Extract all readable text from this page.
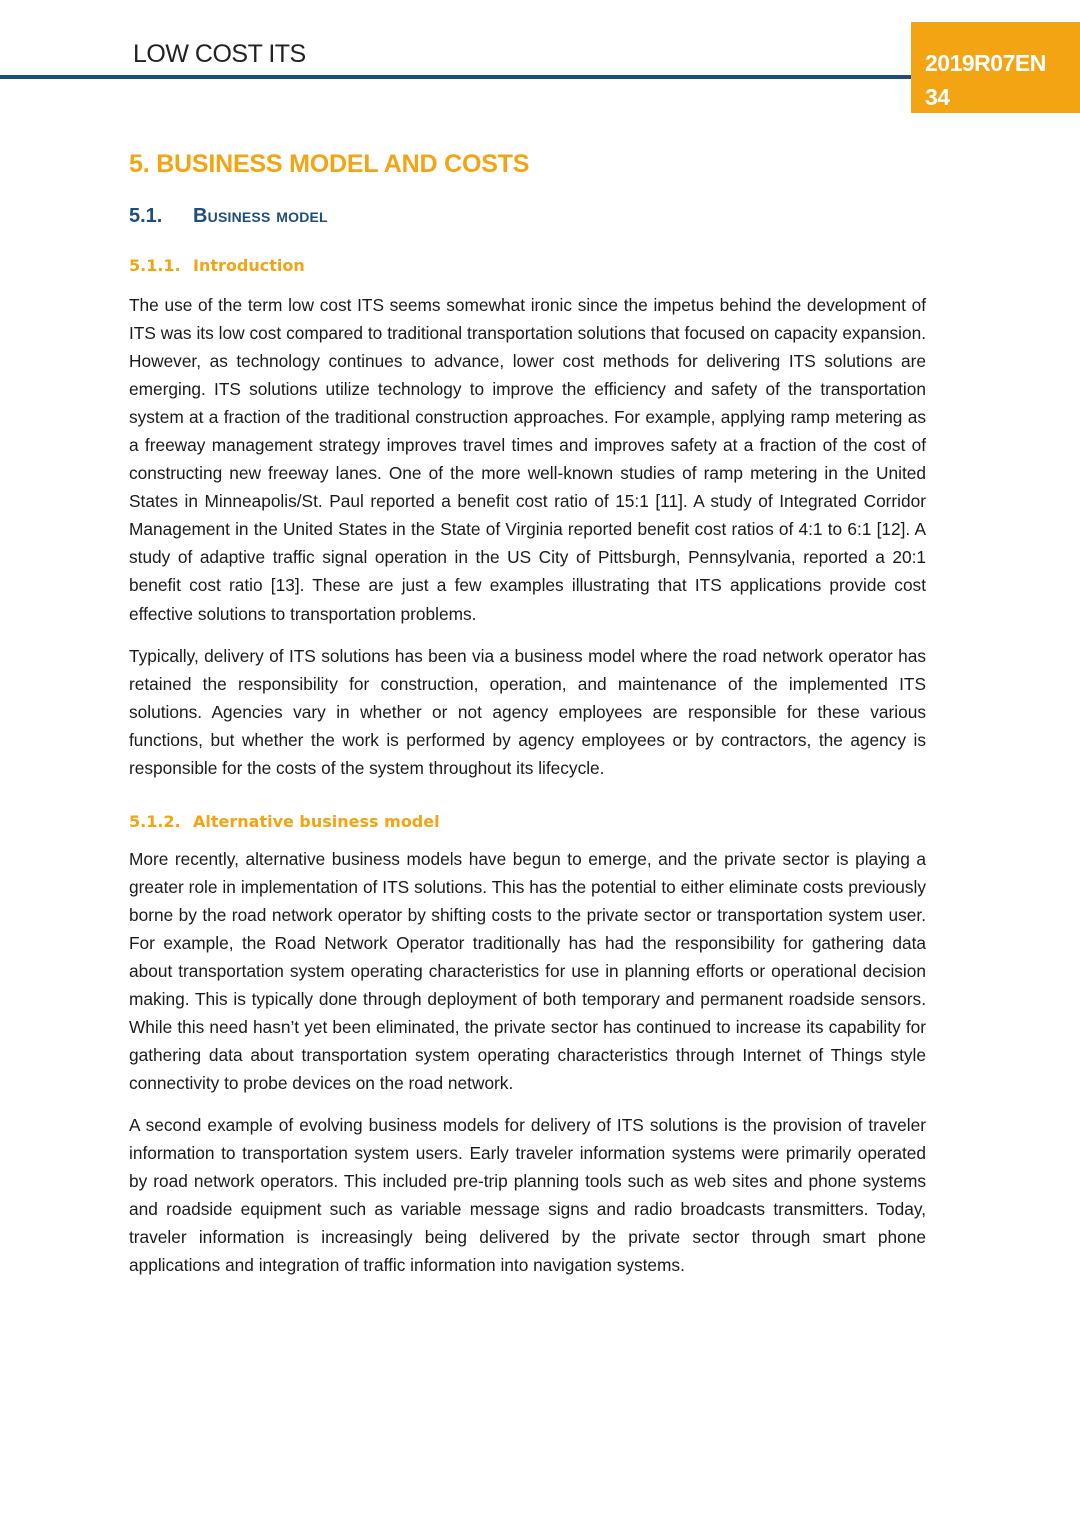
LOW COST ITS	2019R07EN
34
5. BUSINESS MODEL AND COSTS
5.1.	Business model
5.1.1. Introduction

The use of the term low cost ITS seems somewhat ironic since the impetus behind the development of ITS was its low cost compared to traditional transportation solutions that focused on capacity expansion. However, as technology continues to advance, lower cost methods for delivering ITS solutions are emerging. ITS solutions utilize technology to improve the efficiency and safety of the transportation system at a fraction of the traditional construction approaches. For example, applying ramp metering as a freeway management strategy improves travel times and improves safety at a fraction of the cost of constructing new freeway lanes. One of the more well-known studies of ramp metering in the United States in Minneapolis/St. Paul reported a benefit cost ratio of 15:1 [11]. A study of Integrated Corridor Management in the United States in the State of Virginia reported benefit cost ratios of 4:1 to 6:1 [12]. A study of adaptive traffic signal operation in the US City of Pittsburgh, Pennsylvania, reported a 20:1 benefit cost ratio [13]. These are just a few examples illustrating that ITS applications provide cost effective solutions to transportation problems.

Typically, delivery of ITS solutions has been via a business model where the road network operator has retained the responsibility for construction, operation, and maintenance of the implemented ITS solutions. Agencies vary in whether or not agency employees are responsible for these various functions, but whether the work is performed by agency employees or by contractors, the agency is responsible for the costs of the system throughout its lifecycle.

5.1.2. Alternative business model

More recently, alternative business models have begun to emerge, and the private sector is playing a greater role in implementation of ITS solutions. This has the potential to either eliminate costs previously borne by the road network operator by shifting costs to the private sector or transportation system user. For example, the Road Network Operator traditionally has had the responsibility for gathering data about transportation system operating characteristics for use in planning efforts or operational decision making. This is typically done through deployment of both temporary and permanent roadside sensors. While this need hasn’t yet been eliminated, the private sector has continued to increase its capability for gathering data about transportation system operating characteristics through Internet of Things style connectivity to probe devices on the road network.

A second example of evolving business models for delivery of ITS solutions is the provision of traveler information to transportation system users. Early traveler information systems were primarily operated by road network operators. This included pre-trip planning tools such as web sites and phone systems and roadside equipment such as variable message signs and radio broadcasts transmitters. Today, traveler information is increasingly being delivered by the private sector through smart phone applications and integration of traffic information into navigation systems.
